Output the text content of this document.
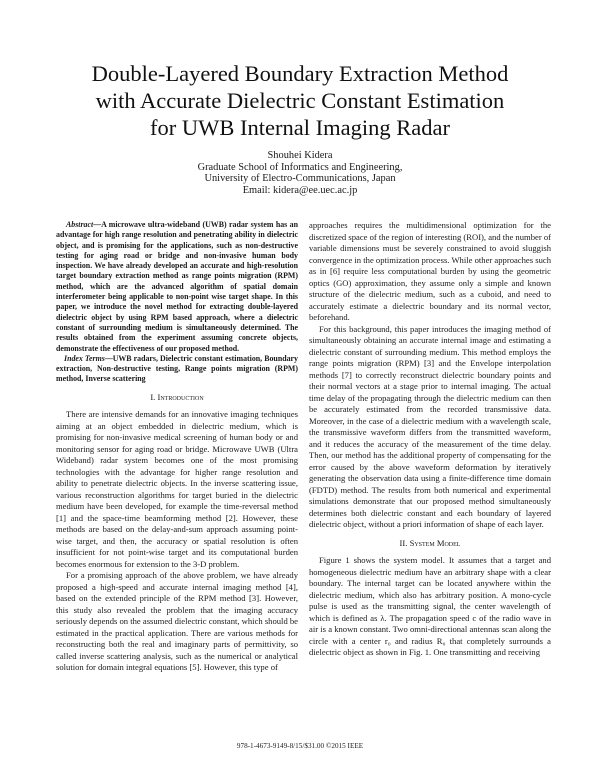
Double-Layered Boundary Extraction Method
with Accurate Dielectric Constant Estimation
for UWB Internal Imaging Radar
Shouhei Kidera
Graduate School of Informatics and Engineering,
University of Electro-Communications, Japan
Email: kidera@ee.uec.ac.jp

Abstract—A microwave ultra-wideband (UWB) radar system has an advantage for high range resolution and penetrating ability in dielectric object, and is promising for the applications, such as non-destructive testing for aging road or bridge and non-invasive human body inspection. We have already developed an accurate and high-resolution target boundary extraction method as range points migration (RPM) method, which are the advanced algorithm of spatial domain interferometer being applicable to non-point wise target shape. In this paper, we introduce the novel method for extracting double-layered dielectric object by using RPM based approach, where a dielectric constant of surrounding medium is simultaneously determined. The results obtained from the experiment assuming concrete objects, demonstrate the effectiveness of our proposed method.

Index Terms—UWB radars, Dielectric constant estimation, Boundary extraction, Non-destructive testing, Range points migration (RPM) method, Inverse scattering

I. Introduction

There are intensive demands for an innovative imaging techniques aiming at an object embedded in dielectric medium, which is promising for non-invasive medical screening of human body or and monitoring sensor for aging road or bridge. Microwave UWB (Ultra Wideband) radar system becomes one of the most promising technologies with the advantage for higher range resolution and ability to penetrate dielectric objects. In the inverse scattering issue, various reconstruction algorithms for target buried in the dielectric medium have been developed, for example the time-reversal method [1] and the space-time beamforming method [2]. However, these methods are based on the delay-and-sum approach assuming point-wise target, and then, the accuracy or spatial resolution is often insufficient for not point-wise target and its computational burden becomes enormous for extension to the 3-D problem.

For a promising approach of the above problem, we have already proposed a high-speed and accurate internal imaging method [4], based on the extended principle of the RPM method [3]. However, this study also revealed the problem that the imaging accuracy seriously depends on the assumed dielectric constant, which should be estimated in the practical application. There are various methods for reconstructing both the real and imaginary parts of permittivity, so called inverse scattering analysis, such as the numerical or analytical solution for domain integral equations [5]. However, this type of

approaches requires the multidimensional optimization for the discretized space of the region of interesting (ROI), and the number of variable dimensions must be severely constrained to avoid sluggish convergence in the optimization process. While other approaches such as in [6] require less computational burden by using the geometric optics (GO) approximation, they assume only a simple and known structure of the dielectric medium, such as a cuboid, and need to accurately estimate a dielectric boundary and its normal vector, beforehand.

For this background, this paper introduces the imaging method of simultaneously obtaining an accurate internal image and estimating a dielectric constant of surrounding medium. This method employs the range points migration (RPM) [3] and the Envelope interpolation methods [7] to correctly reconstruct dielectric boundary points and their normal vectors at a stage prior to internal imaging. The actual time delay of the propagating through the dielectric medium can then be accurately estimated from the recorded transmissive data. Moreover, in the case of a dielectric medium with a wavelength scale, the transmissive waveform differs from the transmitted waveform, and it reduces the accuracy of the measurement of the time delay. Then, our method has the additional property of compensating for the error caused by the above waveform deformation by iteratively generating the observation data using a finite-difference time domain (FDTD) method. The results from both numerical and experimental simulations demonstrate that our proposed method simultaneously determines both dielectric constant and each boundary of layered dielectric object, without a priori information of shape of each layer.

II. System Model

Figure 1 shows the system model. It assumes that a target and homogeneous dielectric medium have an arbitrary shape with a clear boundary. The internal target can be located anywhere within the dielectric medium, which also has arbitrary position. A mono-cycle pulse is used as the transmitting signal, the center wavelength of which is defined as λ. The propagation speed c of the radio wave in air is a known constant. Two omni-directional antennas scan along the circle with a center r₀ and radius R₀ that completely surrounds a dielectric object as shown in Fig. 1. One transmitting and receiving

978-1-4673-9149-8/15/$31.00 ©2015 IEEE
